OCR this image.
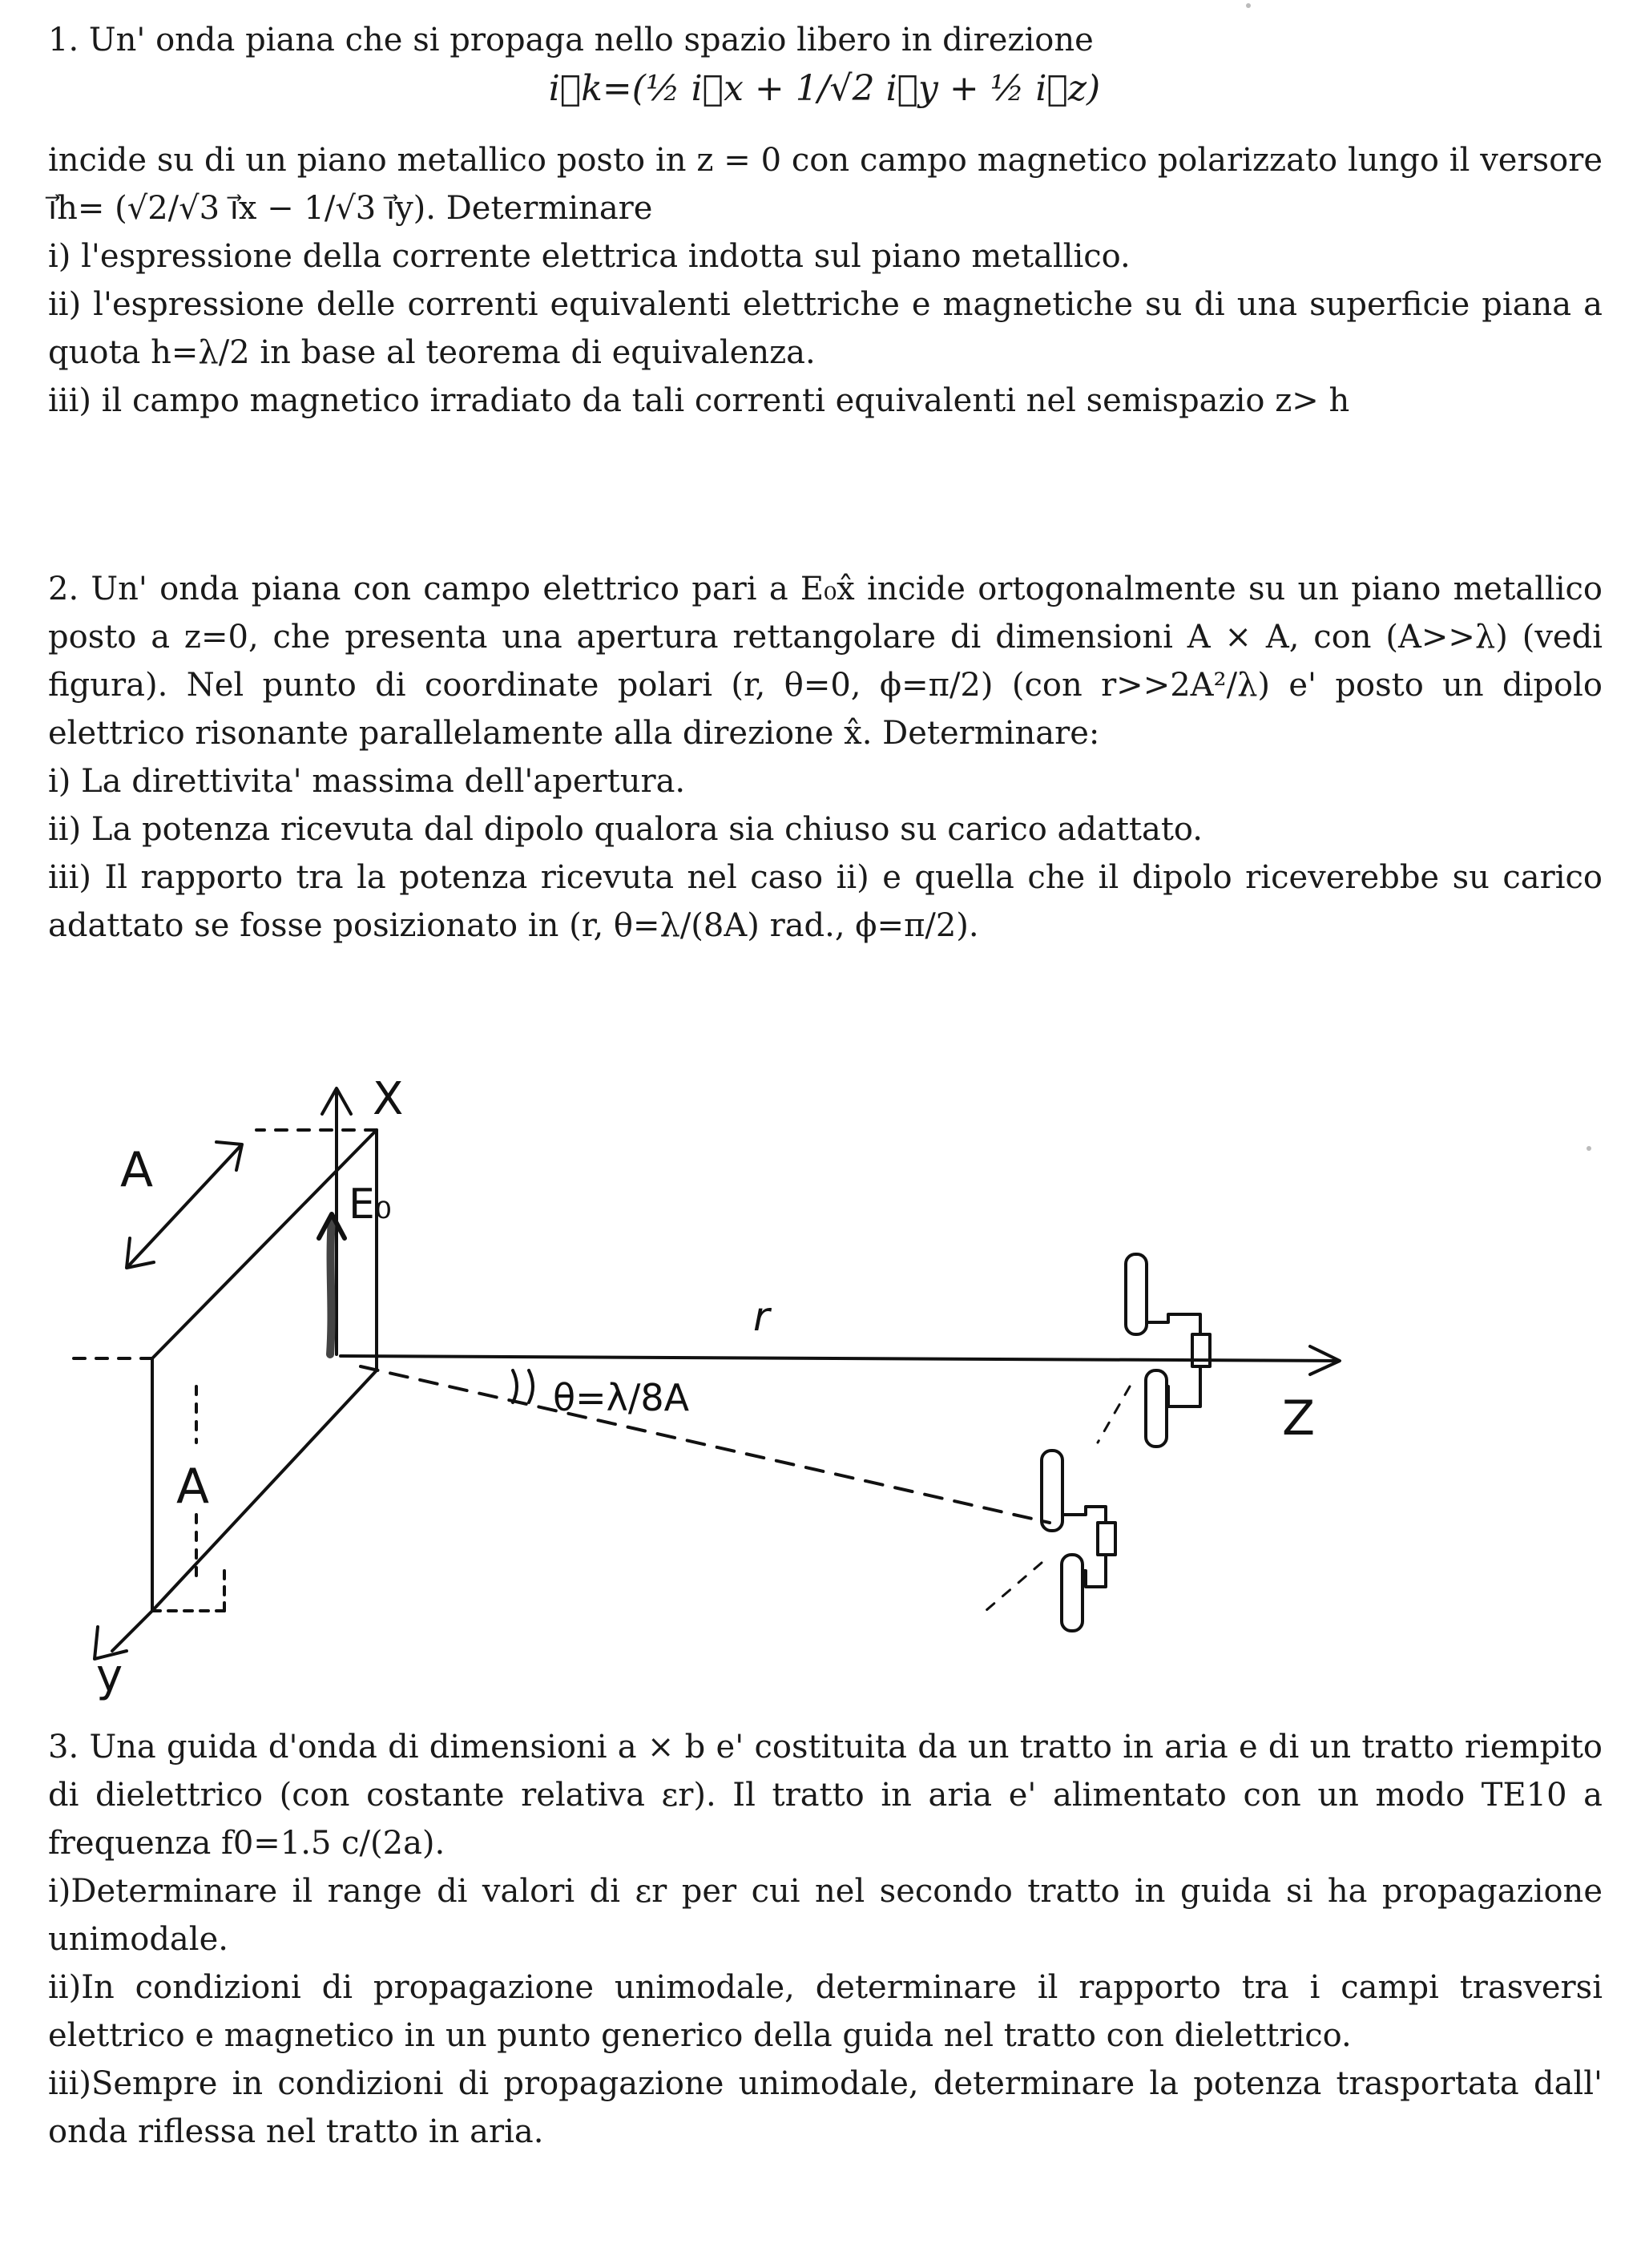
1. Un' onda piana che si propaga nello spazio libero in direzione

i⃗k=(½ i⃗x + 1/√2 i⃗y + ½ i⃗z)

incide su di un piano metallico posto in z = 0 con campo magnetico polarizzato lungo il versore i⃗h= (√2/√3 i⃗x − 1/√3 i⃗y). Determinare

i) l'espressione della corrente elettrica indotta sul piano metallico.

ii) l'espressione delle correnti equivalenti elettriche e magnetiche su di una superficie piana a quota h=λ/2 in base al teorema di equivalenza.

iii) il campo magnetico irradiato da tali correnti equivalenti nel semispazio z> h

2. Un' onda piana con campo elettrico pari a E₀x̂ incide ortogonalmente su un piano metallico posto a z=0, che presenta una apertura rettangolare di dimensioni A × A, con (A>>λ) (vedi figura). Nel punto di coordinate polari (r, θ=0, ϕ=π/2) (con r>>2A²/λ) e' posto un dipolo elettrico risonante parallelamente alla direzione x̂. Determinare:

i) La direttivita' massima dell'apertura.

ii) La potenza ricevuta dal dipolo qualora sia chiuso su carico adattato.

iii) Il rapporto tra la potenza ricevuta nel caso ii) e quella che il dipolo riceverebbe su carico adattato se fosse posizionato in (r, θ=λ/(8A) rad., ϕ=π/2).

X
y
A
A
E₀
Z
r
θ=λ/8A

3. Una guida d'onda di dimensioni a × b e' costituita da un tratto in aria e di un tratto riempito di dielettrico (con costante relativa εr). Il tratto in aria e' alimentato con un modo TE10 a frequenza f0=1.5 c/(2a).

i)Determinare il range di valori di εr per cui nel secondo tratto in guida si ha propagazione unimodale.

ii)In condizioni di propagazione unimodale, determinare il rapporto tra i campi trasversi elettrico e magnetico in un punto generico della guida nel tratto con dielettrico.

iii)Sempre in condizioni di propagazione unimodale, determinare la potenza trasportata dall' onda riflessa nel tratto in aria.
